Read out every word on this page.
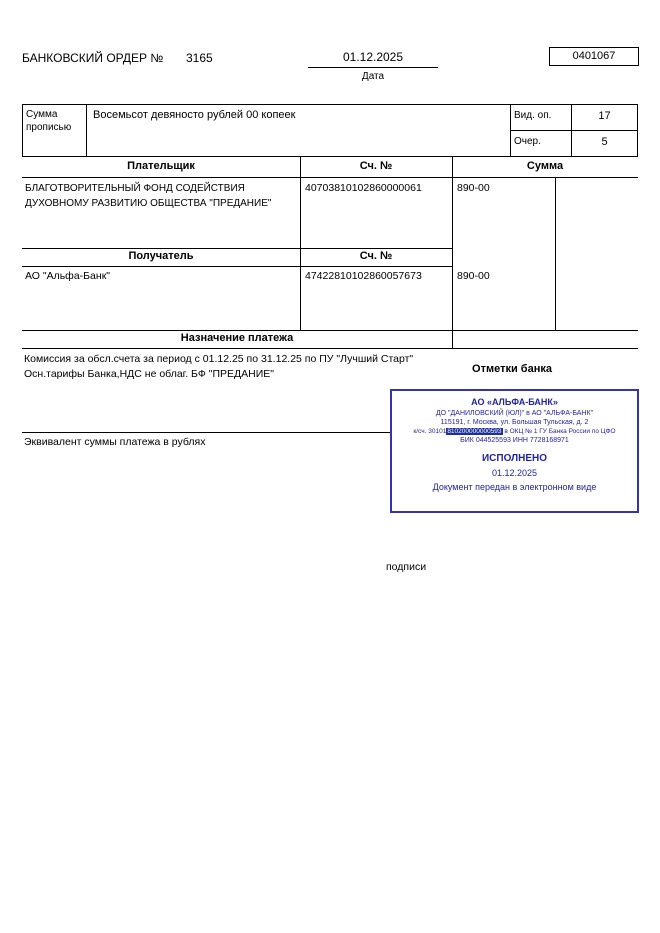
БАНКОВСКИЙ ОРДЕР № 3165	01.12.2025
Дата
0401067
Сумма прописью
Восемьсот девяносто рублей 00 копеек	Вид. оп.	17
Очер.	5
Плательщик	Сч. №	Сумма
БЛАГОТВОРИТЕЛЬНЫЙ ФОНД СОДЕЙСТВИЯ ДУХОВНОМУ РАЗВИТИЮ ОБЩЕСТВА "ПРЕДАНИЕ"
40703810102860000061	890-00
Получатель	Сч. №
АО "Альфа-Банк"	47422810102860057673	890-00
Назначение платежа
Комиссия за обсл.счета за период с 01.12.25 по 31.12.25 по ПУ "Лучший Старт"
Осн.тарифы Банка,НДС не облаг. БФ "ПРЕДАНИЕ"	Отметки банка
АО «АЛЬФА-БАНК»
ДО "ДАНИЛОВСКИЙ (ЮЛ)" в АО "АЛЬФА-БАНК"
115191, г. Москва, ул. Большая Тульская, д. 2
к/сч. 30101810200000000593 в ОКЦ № 1 ГУ Банка России по ЦФО
БИК 044525593 ИНН 7728168971
ИСПОЛНЕНО
01.12.2025
Документ передан в электронном виде
Эквивалент суммы платежа в рублях
подписи
